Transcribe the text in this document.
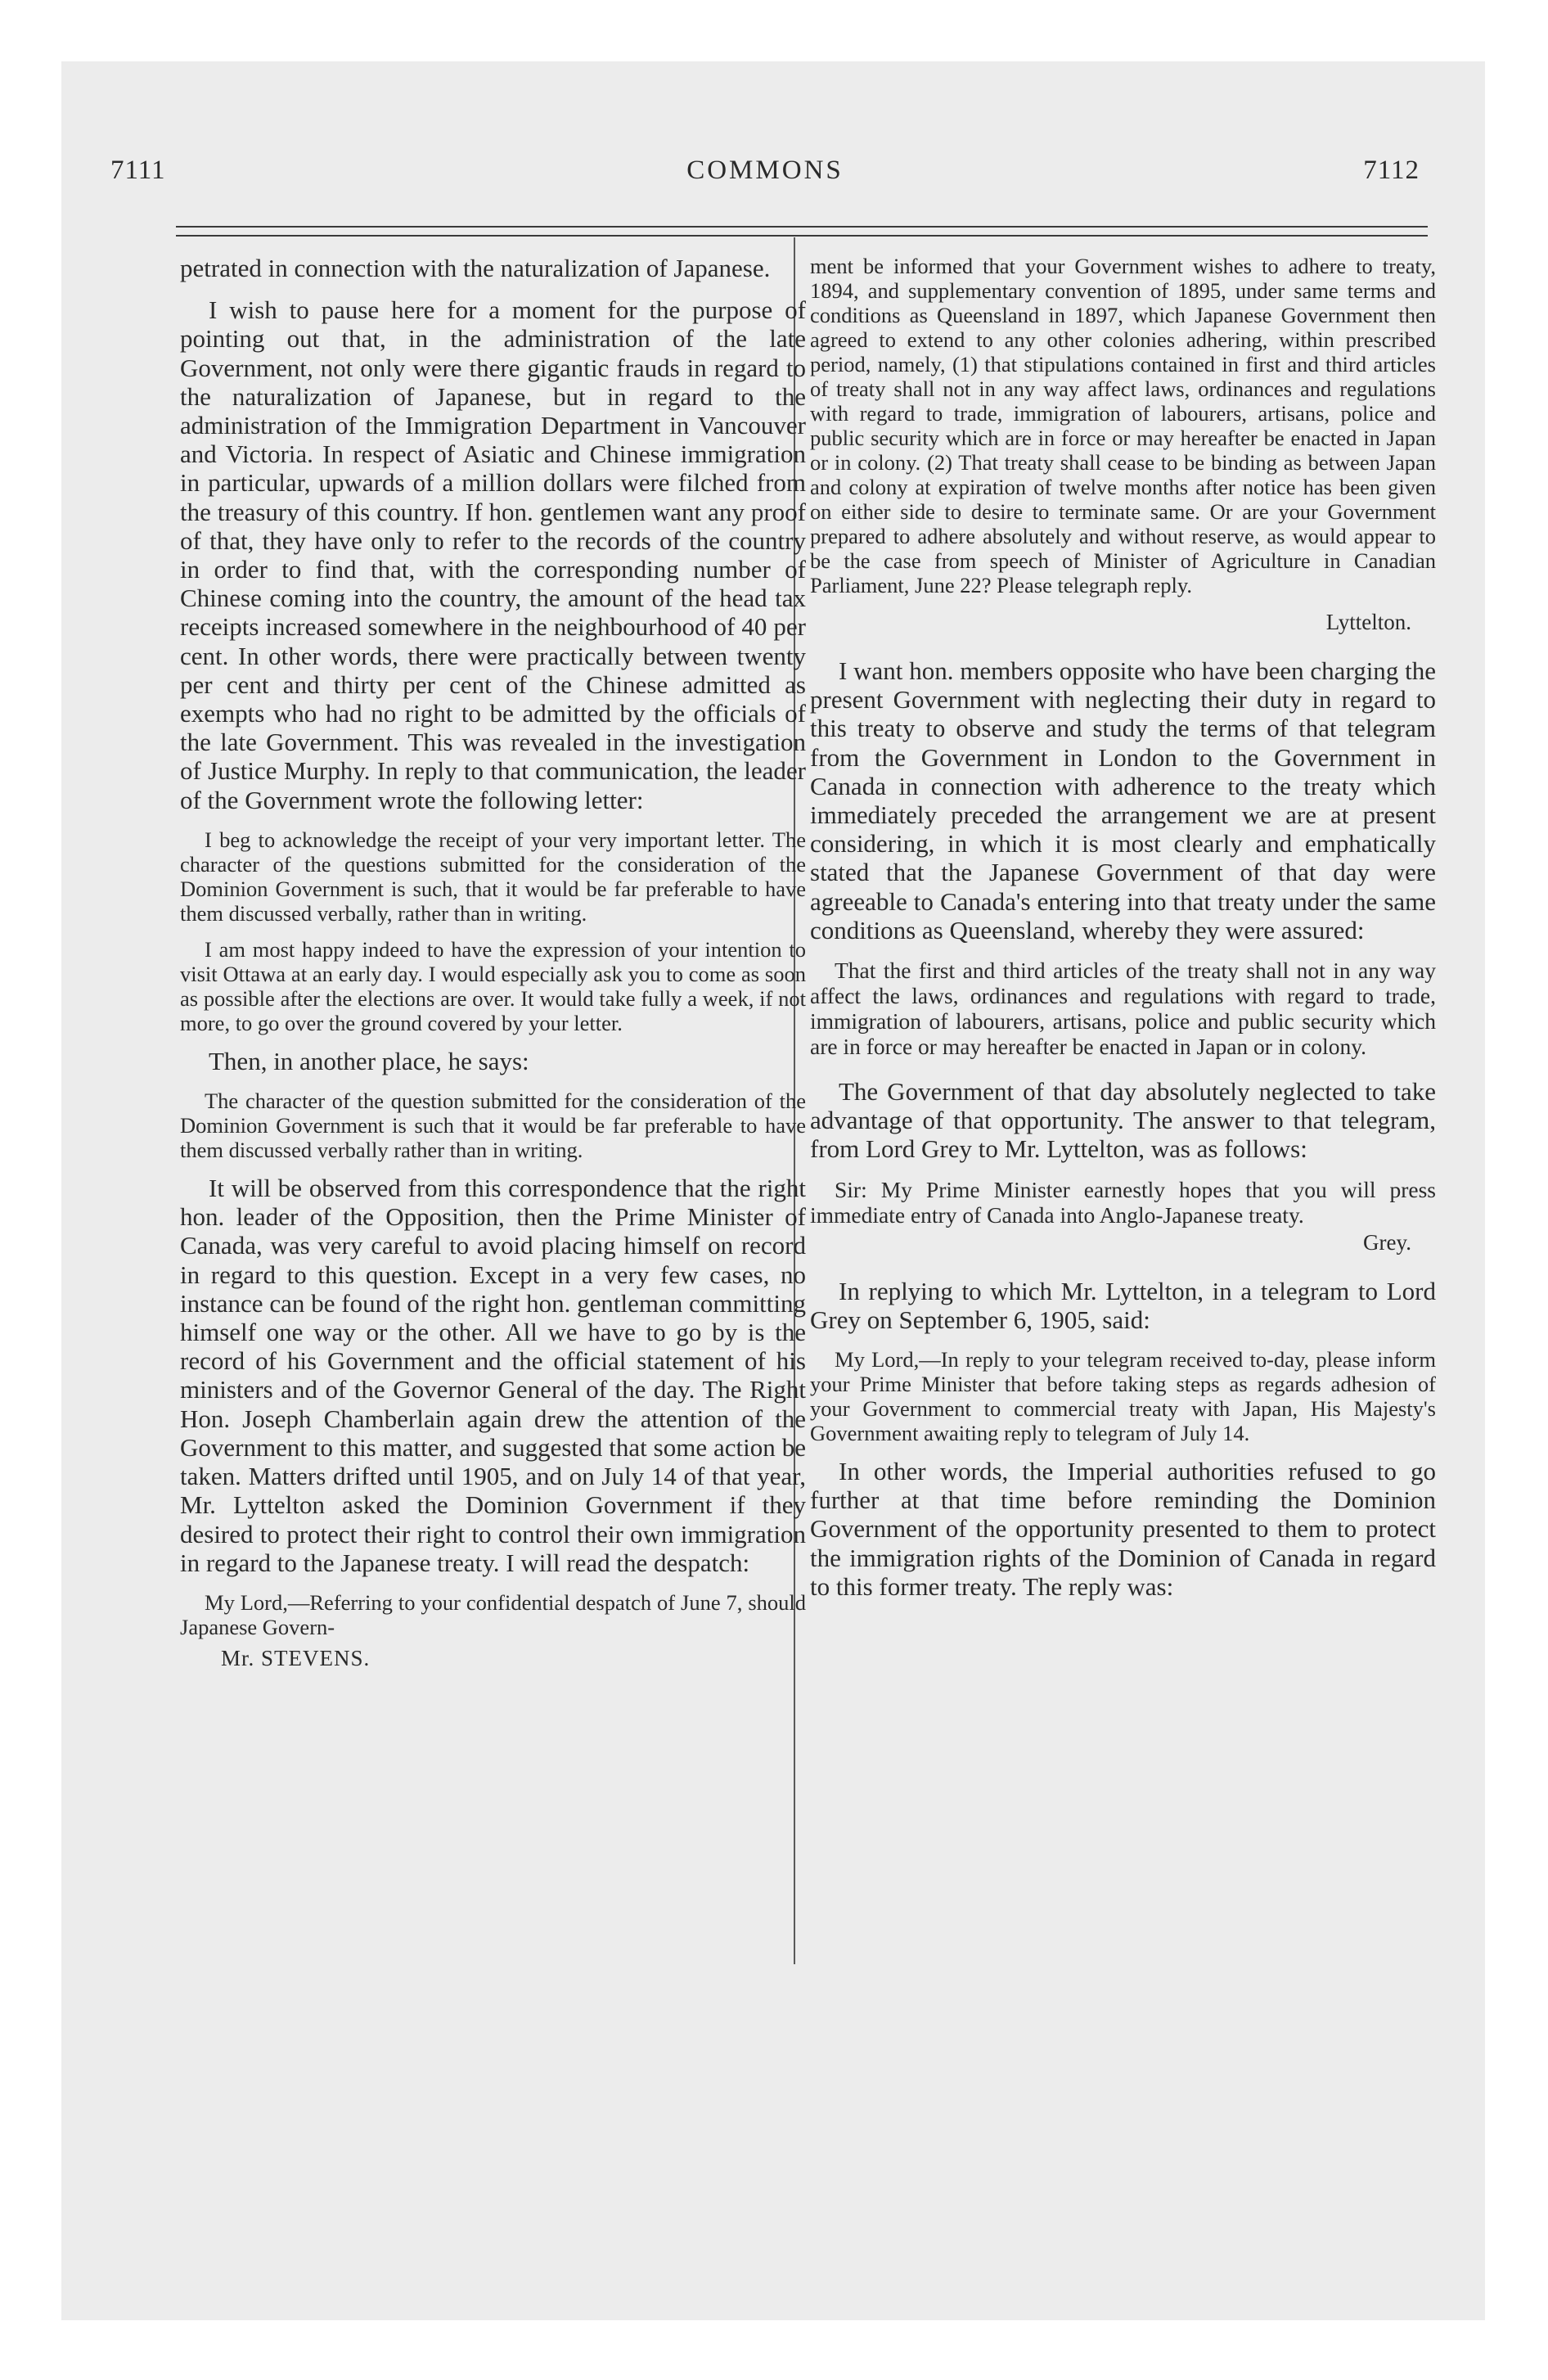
7111	COMMONS	7112

petrated in connection with the naturalization of Japanese.

I wish to pause here for a moment for the purpose of pointing out that, in the administration of the late Government, not only were there gigantic frauds in regard to the naturalization of Japanese, but in regard to the administration of the Immigration Department in Vancouver and Victoria. In respect of Asiatic and Chinese immigration in particular, upwards of a million dollars were filched from the treasury of this country. If hon. gentlemen want any proof of that, they have only to refer to the records of the country in order to find that, with the corresponding number of Chinese coming into the country, the amount of the head tax receipts increased somewhere in the neighbourhood of 40 per cent. In other words, there were practically between twenty per cent and thirty per cent of the Chinese admitted as exempts who had no right to be admitted by the officials of the late Government. This was revealed in the investigation of Justice Murphy. In reply to that communication, the leader of the Government wrote the following letter:

I beg to acknowledge the receipt of your very important letter. The character of the questions submitted for the consideration of the Dominion Government is such, that it would be far preferable to have them discussed verbally, rather than in writing.

I am most happy indeed to have the expression of your intention to visit Ottawa at an early day. I would especially ask you to come as soon as possible after the elections are over. It would take fully a week, if not more, to go over the ground covered by your letter.

Then, in another place, he says:

The character of the question submitted for the consideration of the Dominion Government is such that it would be far preferable to have them discussed verbally rather than in writing.

It will be observed from this correspondence that the right hon. leader of the Opposition, then the Prime Minister of Canada, was very careful to avoid placing himself on record in regard to this question. Except in a very few cases, no instance can be found of the right hon. gentleman committing himself one way or the other. All we have to go by is the record of his Government and the official statement of his ministers and of the Governor General of the day. The Right Hon. Joseph Chamberlain again drew the attention of the Government to this matter, and suggested that some action be taken. Matters drifted until 1905, and on July 14 of that year, Mr. Lyttelton asked the Dominion Government if they desired to protect their right to control their own immigration in regard to the Japanese treaty. I will read the despatch:

My Lord,—Referring to your confidential despatch of June 7, should Japanese Govern-

Mr. STEVENS.

ment be informed that your Government wishes to adhere to treaty, 1894, and supplementary convention of 1895, under same terms and conditions as Queensland in 1897, which Japanese Government then agreed to extend to any other colonies adhering, within prescribed period, namely, (1) that stipulations contained in first and third articles of treaty shall not in any way affect laws, ordinances and regulations with regard to trade, immigration of labourers, artisans, police and public security which are in force or may hereafter be enacted in Japan or in colony. (2) That treaty shall cease to be binding as between Japan and colony at expiration of twelve months after notice has been given on either side to desire to terminate same. Or are your Government prepared to adhere absolutely and without reserve, as would appear to be the case from speech of Minister of Agriculture in Canadian Parliament, June 22? Please telegraph reply.

Lyttelton.

I want hon. members opposite who have been charging the present Government with neglecting their duty in regard to this treaty to observe and study the terms of that telegram from the Government in London to the Government in Canada in connection with adherence to the treaty which immediately preceded the arrangement we are at present considering, in which it is most clearly and emphatically stated that the Japanese Government of that day were agreeable to Canada's entering into that treaty under the same conditions as Queensland, whereby they were assured:

That the first and third articles of the treaty shall not in any way affect the laws, ordinances and regulations with regard to trade, immigration of labourers, artisans, police and public security which are in force or may hereafter be enacted in Japan or in colony.

The Government of that day absolutely neglected to take advantage of that opportunity. The answer to that telegram, from Lord Grey to Mr. Lyttelton, was as follows:

Sir: My Prime Minister earnestly hopes that you will press immediate entry of Canada into Anglo-Japanese treaty.

Grey.

In replying to which Mr. Lyttelton, in a telegram to Lord Grey on September 6, 1905, said:

My Lord,—In reply to your telegram received to-day, please inform your Prime Minister that before taking steps as regards adhesion of your Government to commercial treaty with Japan, His Majesty's Government awaiting reply to telegram of July 14.

In other words, the Imperial authorities refused to go further at that time before reminding the Dominion Government of the opportunity presented to them to protect the immigration rights of the Dominion of Canada in regard to this former treaty. The reply was:
